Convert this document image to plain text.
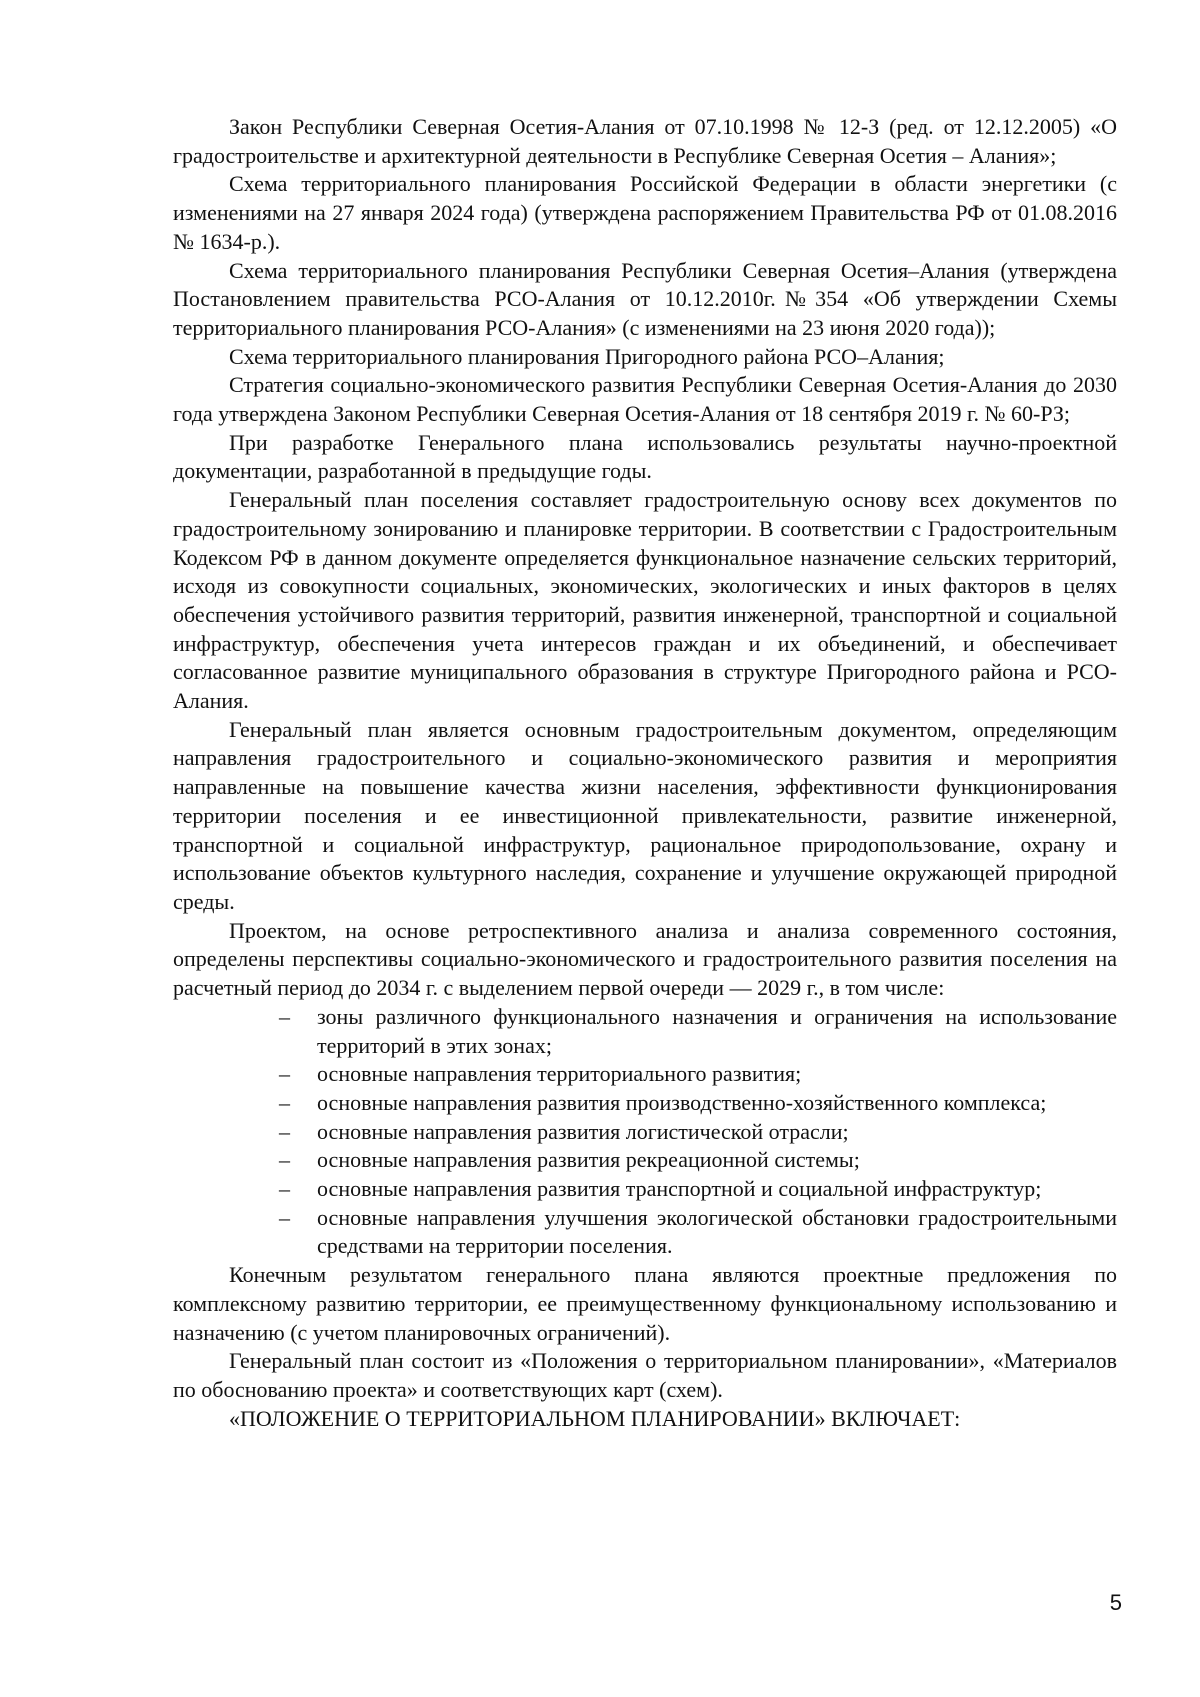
Закон Республики Северная Осетия-Алания от 07.10.1998 № 12-З (ред. от 12.12.2005) «О градостроительстве и архитектурной деятельности в Республике Северная Осетия – Алания»;

Схема территориального планирования Российской Федерации в области энергетики (с изменениями на 27 января 2024 года) (утверждена распоряжением Правительства РФ от 01.08.2016 № 1634-р.).

Схема территориального планирования Республики Северная Осетия–Алания (утверждена Постановлением правительства РСО-Алания от 10.12.2010г.№354 «Об утверждении Схемы территориального планирования РСО-Алания» (с изменениями на 23 июня 2020 года));

Схема территориального планирования Пригородного района РСО–Алания;

Стратегия социально-экономического развития Республики Северная Осетия-Алания до 2030 года утверждена Законом Республики Северная Осетия-Алания от 18 сентября 2019 г. № 60-РЗ;

При разработке Генерального плана использовались результаты научно-проектной документации, разработанной в предыдущие годы.

Генеральный план поселения составляет градостроительную основу всех документов по градостроительному зонированию и планировке территории. В соответствии с Градостроительным Кодексом РФ в данном документе определяется функциональное назначение сельских территорий, исходя из совокупности социальных, экономических, экологических и иных факторов в целях обеспечения устойчивого развития территорий, развития инженерной, транспортной и социальной инфраструктур, обеспечения учета интересов граждан и их объединений, и обеспечивает согласованное развитие муниципального образования в структуре Пригородного района и РСО-Алания.

Генеральный план является основным градостроительным документом, определяющим направления градостроительного и социально-экономического развития и мероприятия направленные на повышение качества жизни населения, эффективности функционирования территории поселения и ее инвестиционной привлекательности, развитие инженерной, транспортной и социальной инфраструктур, рациональное природопользование, охрану и использование объектов культурного наследия, сохранение и улучшение окружающей природной среды.

Проектом, на основе ретроспективного анализа и анализа современного состояния, определены перспективы социально-экономического и градостроительного развития поселения на расчетный период до 2034 г. с выделением первой очереди — 2029 г., в том числе:

– зоны различного функционального назначения и ограничения на использование территорий в этих зонах;
– основные направления территориального развития;
– основные направления развития производственно-хозяйственного комплекса;
– основные направления развития логистической отрасли;
– основные направления развития рекреационной системы;
– основные направления развития транспортной и социальной инфраструктур;
– основные направления улучшения экологической обстановки градостроительными средствами на территории поселения.

Конечным результатом генерального плана являются проектные предложения по комплексному развитию территории, ее преимущественному функциональному использованию и назначению (с учетом планировочных ограничений).

Генеральный план состоит из «Положения о территориальном планировании», «Материалов по обоснованию проекта» и соответствующих карт (схем).

«ПОЛОЖЕНИЕ О ТЕРРИТОРИАЛЬНОМ ПЛАНИРОВАНИИ» ВКЛЮЧАЕТ:

5
